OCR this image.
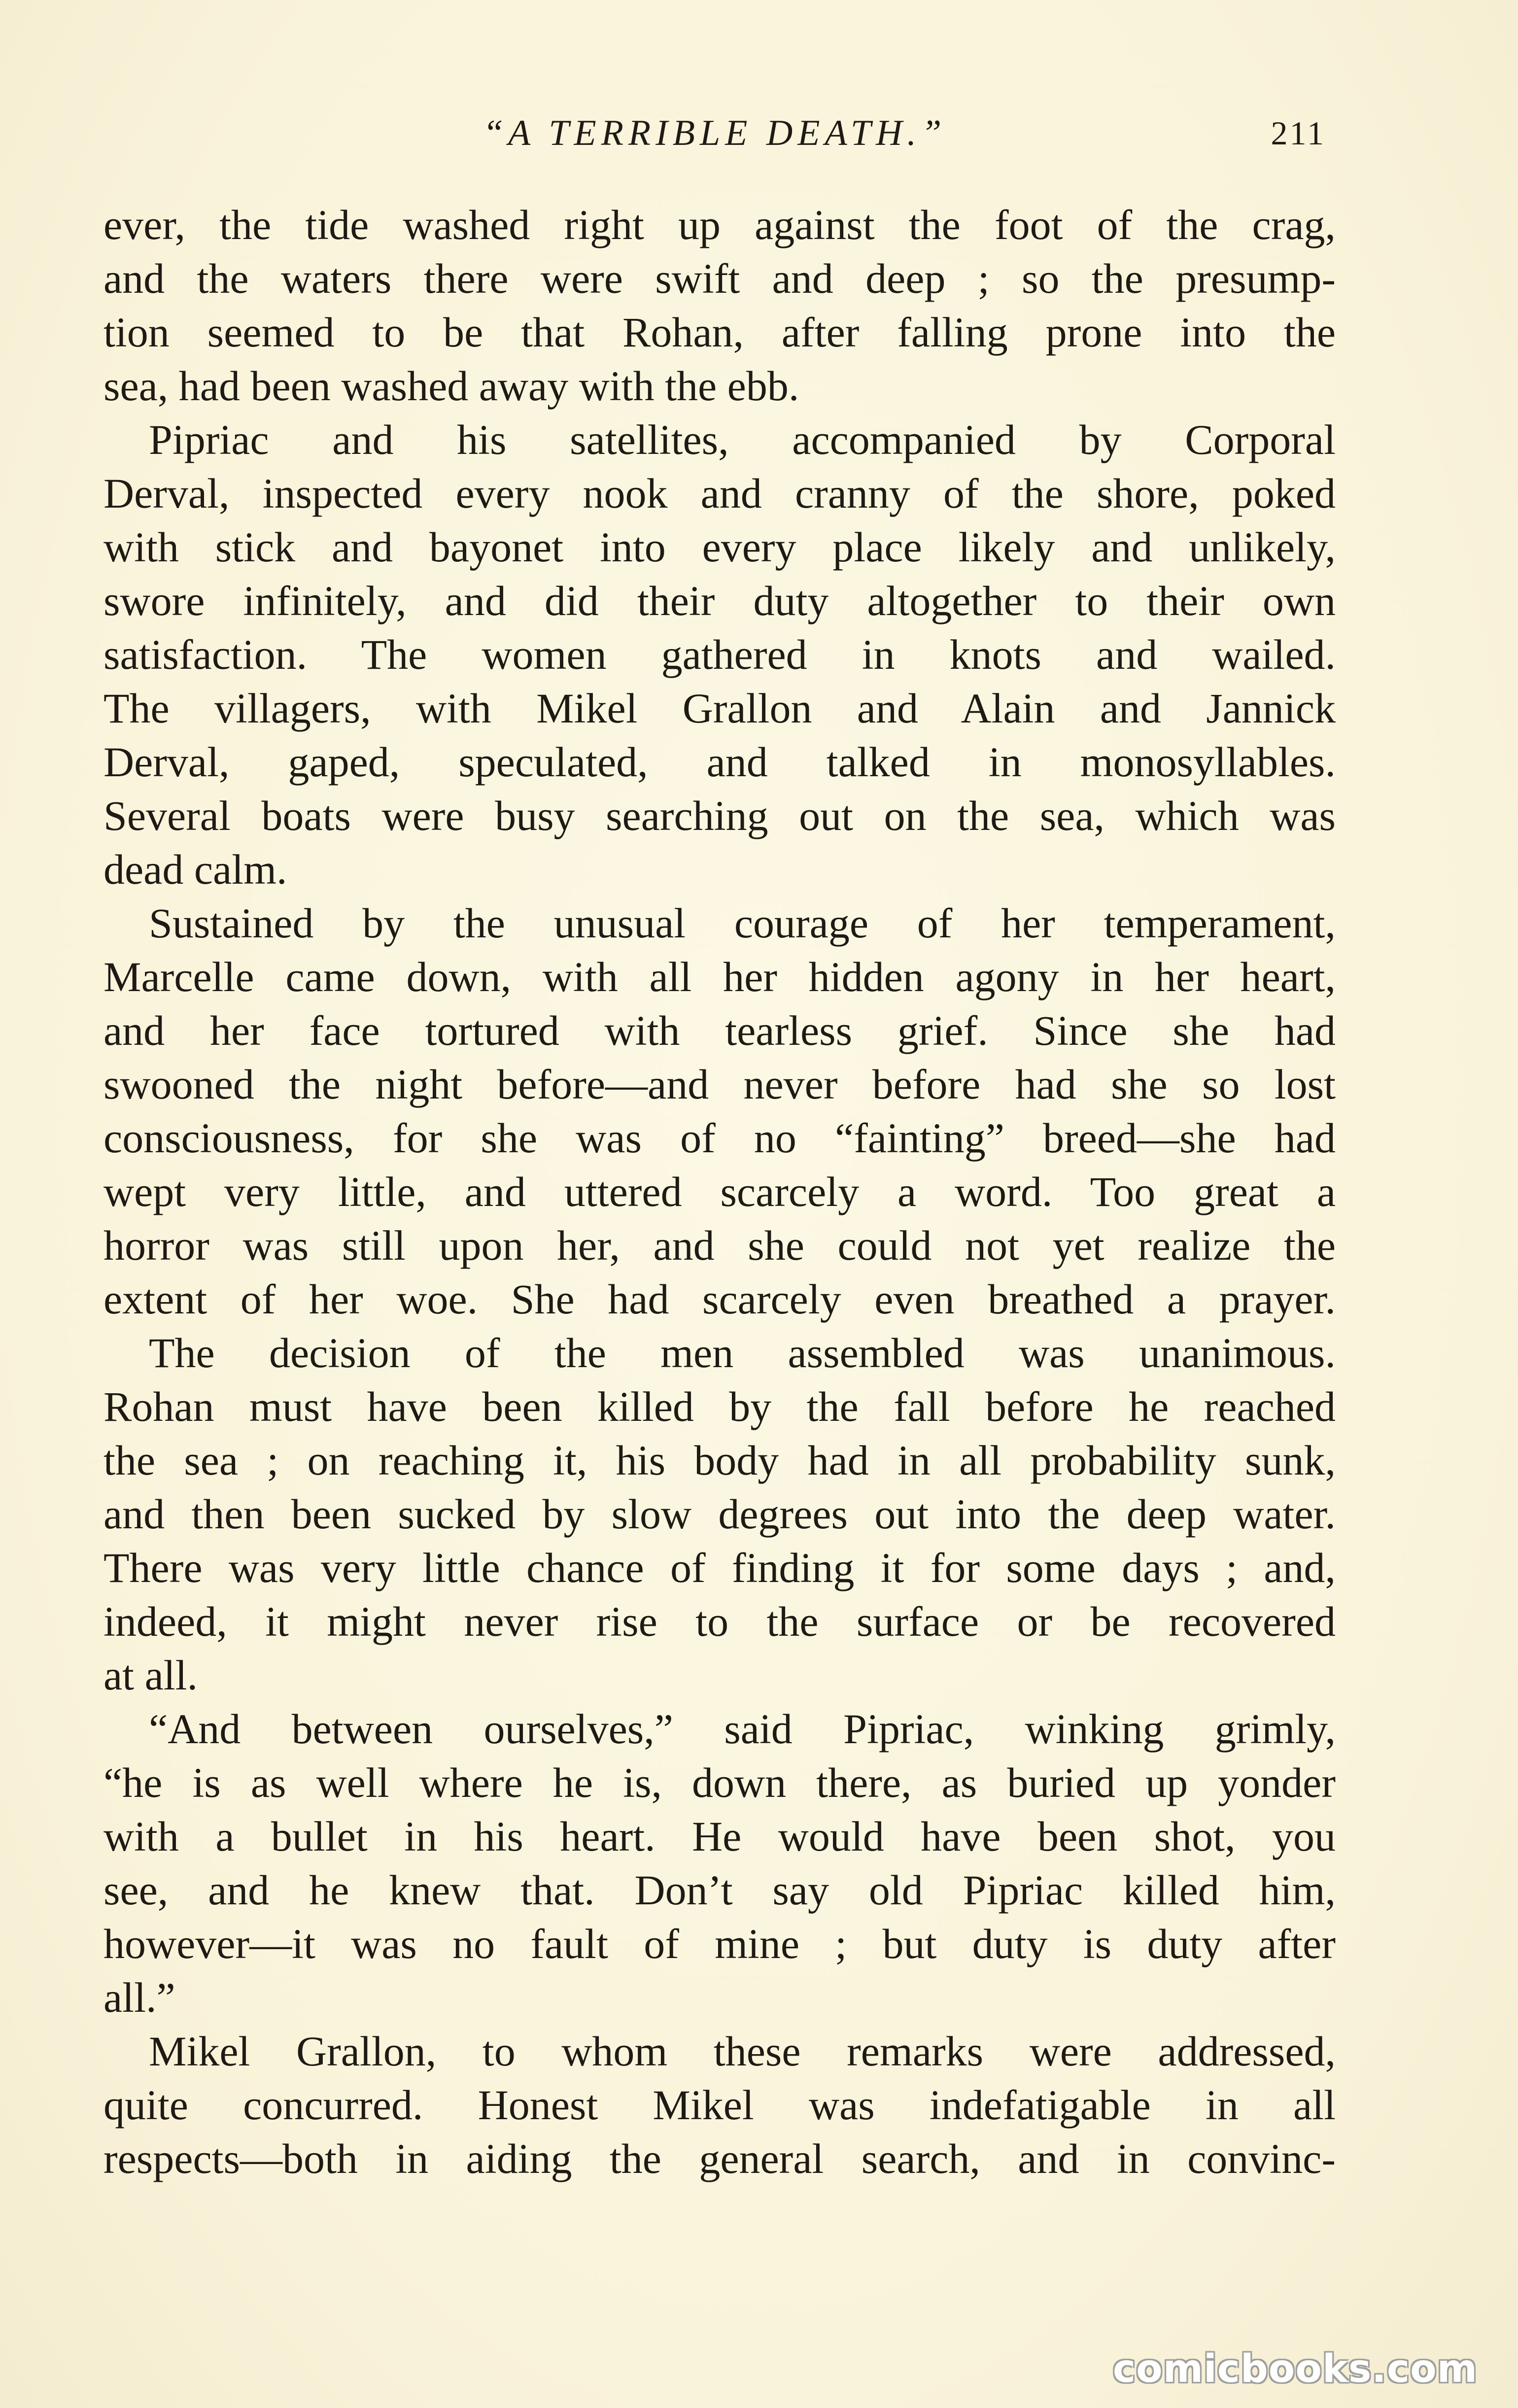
“A TERRIBLE DEATH.”	211
ever, the tide washed right up against the foot of the crag,
and the waters there were swift and deep ; so the presump-
tion seemed to be that Rohan, after falling prone into the
sea, had been washed away with the ebb.
Pipriac and his satellites, accompanied by Corporal
Derval, inspected every nook and cranny of the shore, poked
with stick and bayonet into every place likely and unlikely,
swore infinitely, and did their duty altogether to their own
satisfaction. The women gathered in knots and wailed.
The villagers, with Mikel Grallon and Alain and Jannick
Derval, gaped, speculated, and talked in monosyllables.
Several boats were busy searching out on the sea, which was
dead calm.
Sustained by the unusual courage of her temperament,
Marcelle came down, with all her hidden agony in her heart,
and her face tortured with tearless grief. Since she had
swooned the night before—and never before had she so lost
consciousness, for she was of no “fainting” breed—she had
wept very little, and uttered scarcely a word. Too great a
horror was still upon her, and she could not yet realize the
extent of her woe. She had scarcely even breathed a prayer.
The decision of the men assembled was unanimous.
Rohan must have been killed by the fall before he reached
the sea ; on reaching it, his body had in all probability sunk,
and then been sucked by slow degrees out into the deep water.
There was very little chance of finding it for some days ; and,
indeed, it might never rise to the surface or be recovered
at all.
“And between ourselves,” said Pipriac, winking grimly,
“he is as well where he is, down there, as buried up yonder
with a bullet in his heart. He would have been shot, you
see, and he knew that. Don’t say old Pipriac killed him,
however—it was no fault of mine ; but duty is duty after
all.”
Mikel Grallon, to whom these remarks were addressed,
quite concurred. Honest Mikel was indefatigable in all
respects—both in aiding the general search, and in convinc-
comicbooks.com
